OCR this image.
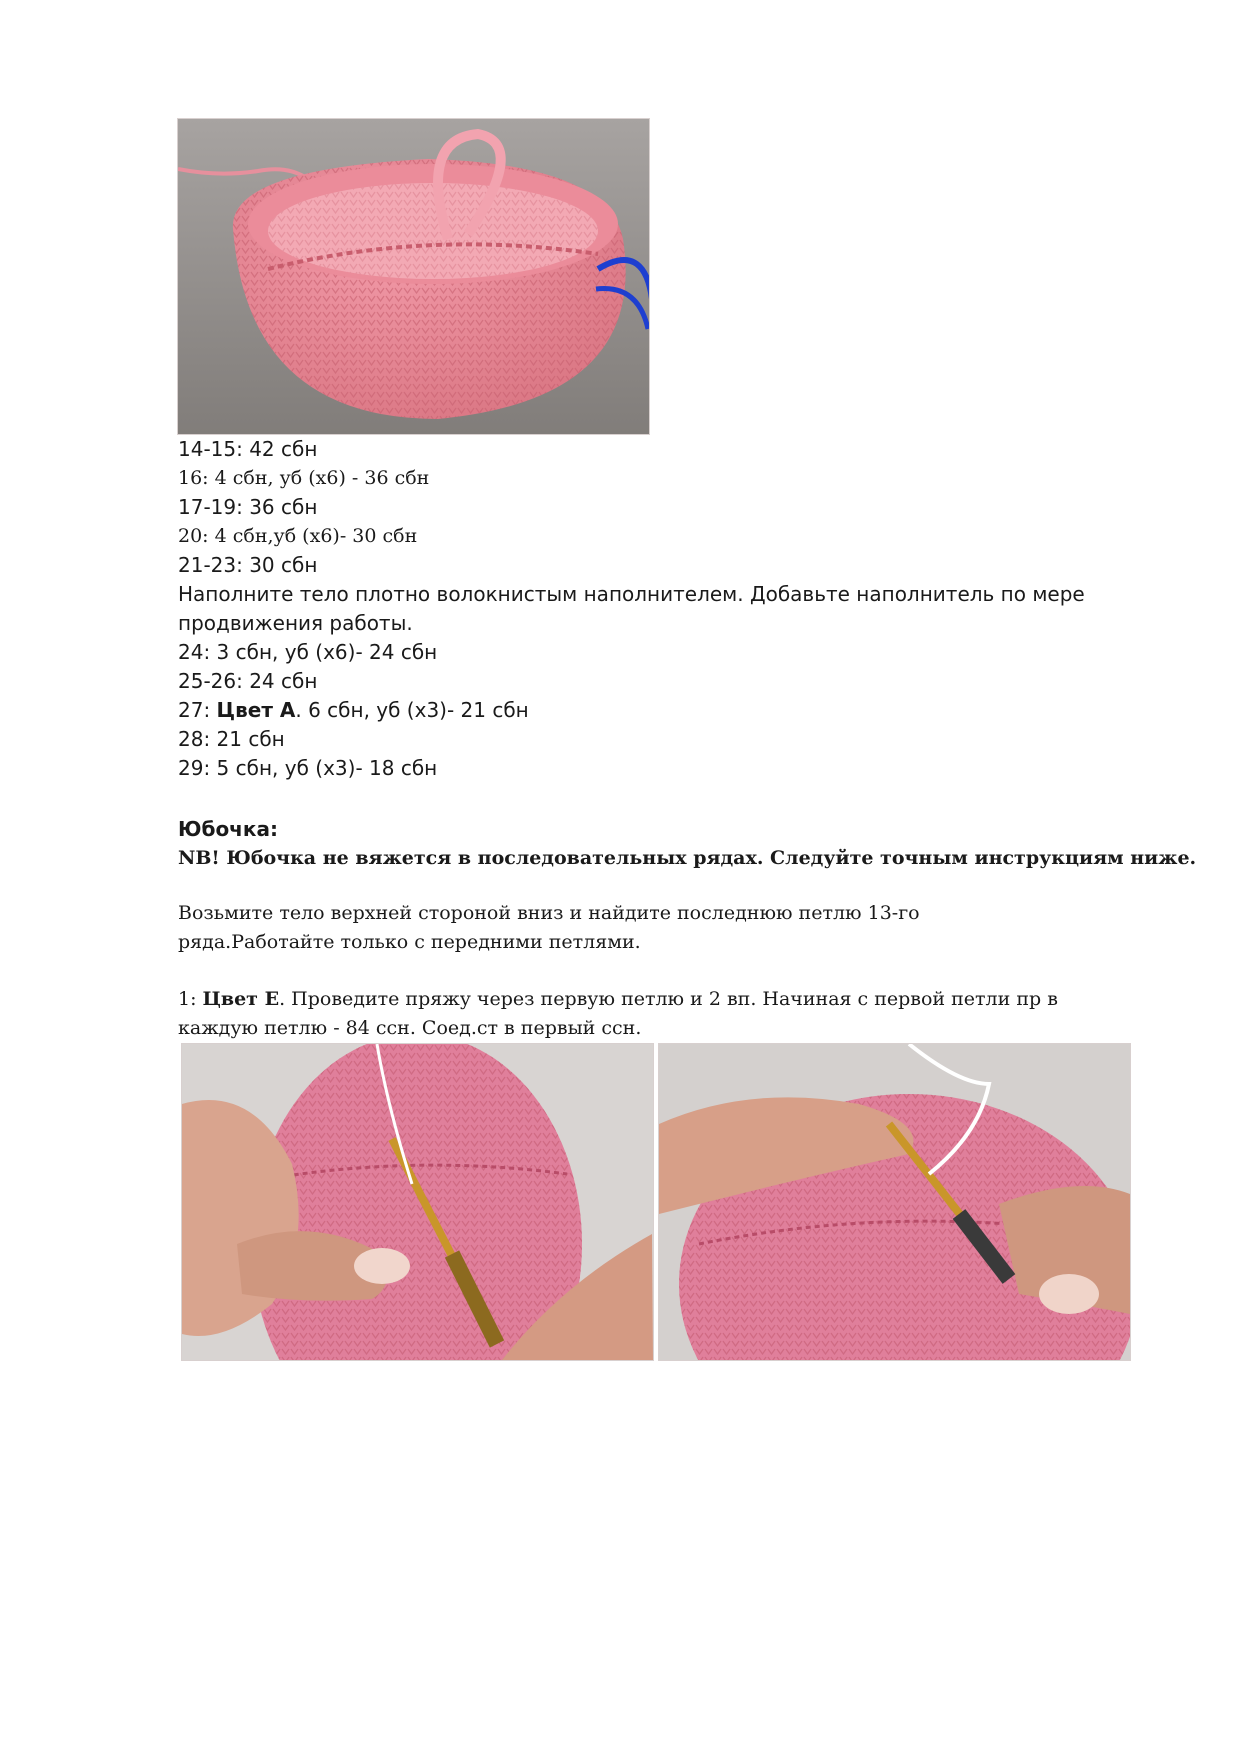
14-15: 42 сбн
16: 4 сбн, уб (х6) - 36 сбн
17-19: 36 сбн
20: 4 сбн,уб (х6)- 30 сбн
21-23: 30 сбн
Наполните тело плотно волокнистым наполнителем. Добавьте наполнитель по мере
продвижения работы.
24: 3 сбн, уб (х6)- 24 сбн
25-26: 24 сбн
27: Цвет А. 6 сбн, уб (х3)- 21 сбн
28: 21 сбн
29: 5 сбн, уб (х3)- 18 сбн
Юбочка:
NB! Юбочка не вяжется в последовательных рядах. Следуйте точным инструкциям ниже.
Возьмите тело верхней стороной вниз и найдите последнюю петлю 13-го
ряда.Работайте только с передними петлями.
1: Цвет Е. Проведите пряжу через первую петлю и 2 вп. Начиная с первой петли пр в
каждую петлю - 84 ссн. Соед.ст в первый ссн.
